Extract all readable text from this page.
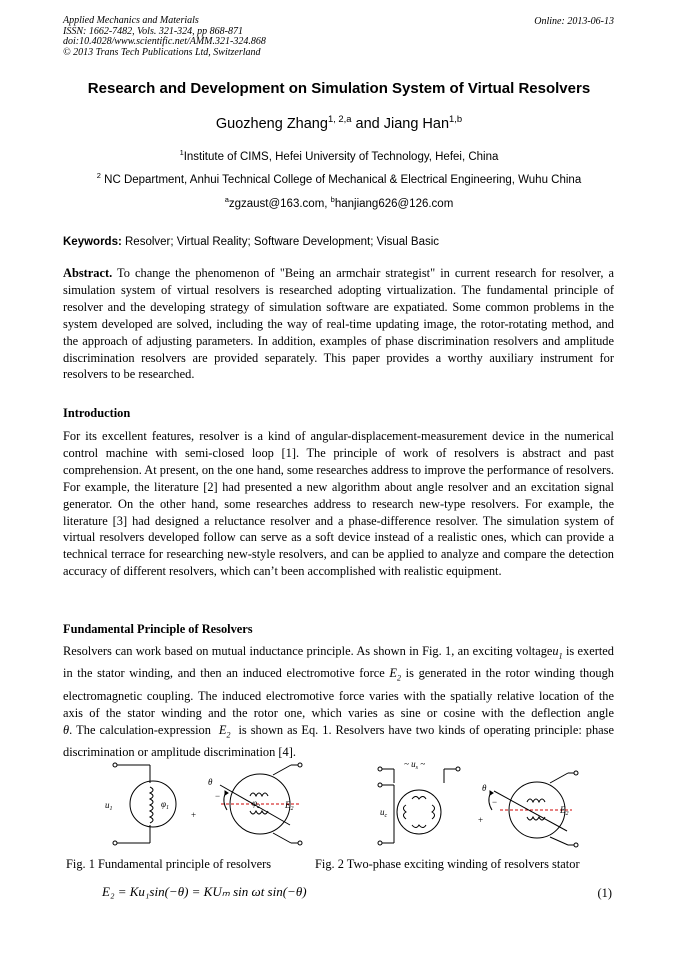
Applied Mechanics and Materials
ISSN: 1662-7482, Vols. 321-324, pp 868-871
doi:10.4028/www.scientific.net/AMM.321-324.868
© 2013 Trans Tech Publications Ltd, Switzerland
Online: 2013-06-13
Research and Development on Simulation System of Virtual Resolvers
Guozheng Zhang$^{1, 2,a}$ and Jiang Han$^{1,b}$
$^1$Institute of CIMS, Hefei University of Technology, Hefei, China
$^2$ NC Department, Anhui Technical College of Mechanical & Electrical Engineering, Wuhu China
$^a$zgzaust@163.com, $^b$hanjiang626@126.com
Keywords: Resolver; Virtual Reality; Software Development; Visual Basic
Abstract. To change the phenomenon of "Being an armchair strategist" in current research for resolver, a simulation system of virtual resolvers is researched adopting virtualization. The fundamental principle of resolver and the developing strategy of simulation software are expatiated. Some common problems in the system developed are solved, including the way of real-time updating image, the rotor-rotating method, and the approach of adjusting parameters. In addition, examples of phase discrimination resolvers and amplitude discrimination resolvers are provided separately. This paper provides a worthy auxiliary instrument for resolvers to be researched.
Introduction
For its excellent features, resolver is a kind of angular-displacement-measurement device in the numerical control machine with semi-closed loop [1]. The principle of work of resolvers is abstract and past comprehension. At present, on the one hand, some researches address to improve the performance of resolvers. For example, the literature [2] had presented a new algorithm about angle resolver and an excitation signal generator. On the other hand, some researches address to research new-type resolvers. For example, the literature [3] had designed a reluctance resolver and a phase-difference resolver. The simulation system of virtual resolvers developed follow can serve as a soft device instead of a realistic ones, which can provide a technical terrace for researching new-style resolvers, and can be applied to analyze and compare the detection accuracy of different resolvers, which can’t been accomplished with realistic equipment.
Fundamental Principle of Resolvers
Resolvers can work based on mutual inductance principle. As shown in Fig. 1, an exciting voltageu$_1$ is exerted in the stator winding, and then an induced electromotive force $E_2$ is generated in the rotor winding though electromagnetic coupling. The induced electromotive force varies with the spatially relative location of the axis of the stator winding and the rotor one, which varies as sine or cosine with the deflection angle θ. The calculation-expression  $E_2$  is shown as Eq. 1. Resolvers have two kinds of operating principle: phase discrimination or amplitude discrimination [4].
$u_1$	$\varphi_1$
θ
$\varphi_2$	$E_2$
−
+
~ $u_s$ ~
$u_c$
θ
$E_2$
−
+
Fig. 1 Fundamental principle of resolvers	Fig. 2 Two-phase exciting winding of resolvers stator
E₂ = Ku₁sin(−θ) = KUₘ sin ωt sin(−θ)	(1)
